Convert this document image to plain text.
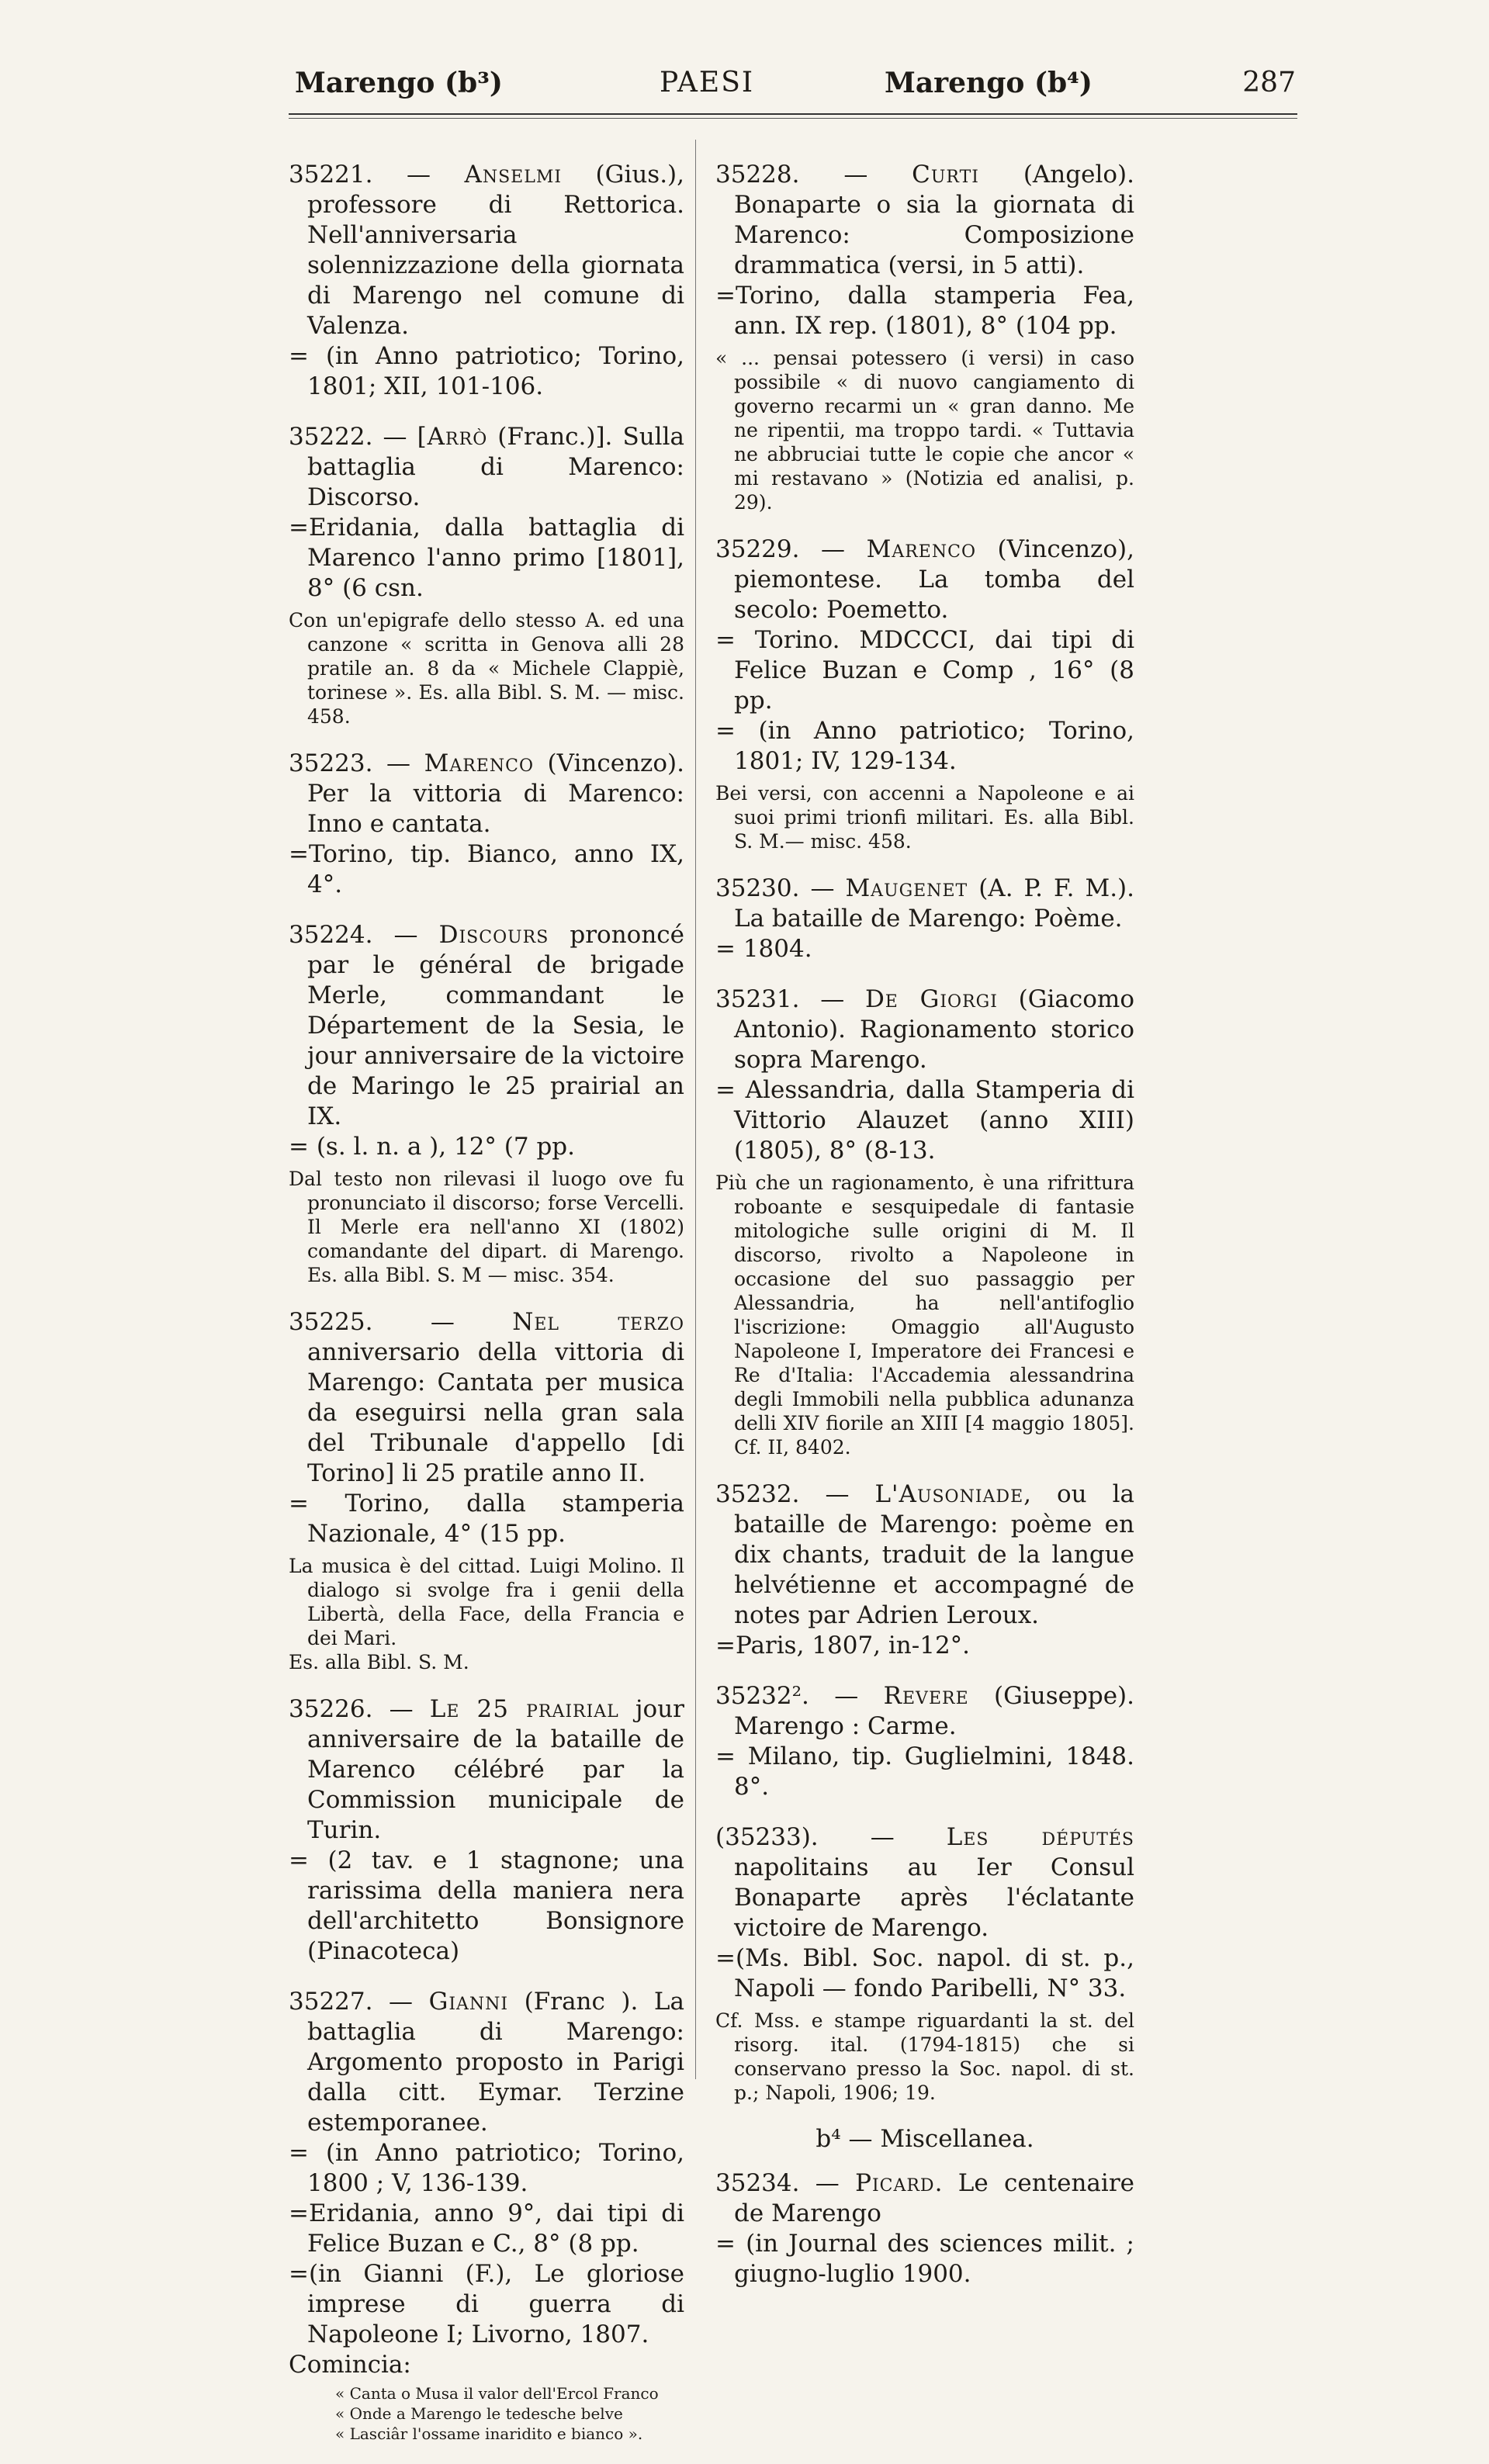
Marengo (b³)	PAESI	Marengo (b⁴)	287

35221. — Anselmi (Gius.), professore di Rettorica. Nell'anniversaria solennizzazione della giornata di Marengo nel comune di Valenza.

= (in Anno patriotico; Torino, 1801; XII, 101-106.

35222. — [Arrò (Franc.)]. Sulla battaglia di Marenco: Discorso.

=Eridania, dalla battaglia di Marenco l'anno primo [1801], 8° (6 csn.

Con un'epigrafe dello stesso A. ed una canzone « scritta in Genova alli 28 pratile an. 8 da « Michele Clappiè, torinese ». Es. alla Bibl. S. M. — misc. 458.

35223. — Marenco (Vincenzo). Per la vittoria di Marenco: Inno e cantata.

=Torino, tip. Bianco, anno IX, 4°.

35224. — Discours prononcé par le général de brigade Merle, commandant le Département de la Sesia, le jour anniversaire de la victoire de Maringo le 25 prairial an IX.

= (s. l. n. a ), 12° (7 pp.

Dal testo non rilevasi il luogo ove fu pronunciato il discorso; forse Vercelli. Il Merle era nell'anno XI (1802) comandante del dipart. di Marengo. Es. alla Bibl. S. M — misc. 354.

35225. — Nel terzo anniversario della vittoria di Marengo: Cantata per musica da eseguirsi nella gran sala del Tribunale d'appello [di Torino] li 25 pratile anno II.

= Torino, dalla stamperia Nazionale, 4° (15 pp.

La musica è del cittad. Luigi Molino. Il dialogo si svolge fra i genii della Libertà, della Face, della Francia e dei Mari.

Es. alla Bibl. S. M.

35226. — Le 25 prairial jour anniversaire de la bataille de Marenco célébré par la Commission municipale de Turin.

= (2 tav. e 1 stagnone; una rarissima della maniera nera dell'architetto Bonsignore (Pinacoteca)

35227. — Gianni (Franc ). La battaglia di Marengo: Argomento proposto in Parigi dalla citt. Eymar. Terzine estemporanee.

= (in Anno patriotico; Torino, 1800 ; V, 136-139.

=Eridania, anno 9°, dai tipi di Felice Buzan e C., 8° (8 pp.

=(in Gianni (F.), Le gloriose imprese di guerra di Napoleone I; Livorno, 1807.

Comincia:

« Canta o Musa il valor dell'Ercol Franco

« Onde a Marengo le tedesche belve

« Lasciâr l'ossame inaridito e bianco ».

35228. — Curti (Angelo). Bonaparte o sia la giornata di Marenco: Composizione drammatica (versi, in 5 atti).

=Torino, dalla stamperia Fea, ann. IX rep. (1801), 8° (104 pp.

« ... pensai potessero (i versi) in caso possibile « di nuovo cangiamento di governo recarmi un « gran danno. Me ne ripentii, ma troppo tardi. « Tuttavia ne abbruciai tutte le copie che ancor « mi restavano » (Notizia ed analisi, p. 29).

35229. — Marenco (Vincenzo), piemontese. La tomba del secolo: Poemetto.

= Torino. MDCCCI, dai tipi di Felice Buzan e Comp , 16° (8 pp.

= (in Anno patriotico; Torino, 1801; IV, 129-134.

Bei versi, con accenni a Napoleone e ai suoi primi trionfi militari. Es. alla Bibl. S. M.— misc. 458.

35230. — Maugenet (A. P. F. M.). La bataille de Marengo: Poème.

= 1804.

35231. — De Giorgi (Giacomo Antonio). Ragionamento storico sopra Marengo.

= Alessandria, dalla Stamperia di Vittorio Alauzet (anno XIII) (1805), 8° (8-13.

Più che un ragionamento, è una rifrittura roboante e sesquipedale di fantasie mitologiche sulle origini di M. Il discorso, rivolto a Napoleone in occasione del suo passaggio per Alessandria, ha nell'antifoglio l'iscrizione: Omaggio all'Augusto Napoleone I, Imperatore dei Francesi e Re d'Italia: l'Accademia alessandrina degli Immobili nella pubblica adunanza delli XIV fiorile an XIII [4 maggio 1805]. Cf. II, 8402.

35232. — L'Ausoniade, ou la bataille de Marengo: poème en dix chants, traduit de la langue helvétienne et accompagné de notes par Adrien Leroux.

=Paris, 1807, in-12°.

35232². — Revere (Giuseppe). Marengo : Carme.

= Milano, tip. Guglielmini, 1848. 8°.

(35233). — Les députés napolitains au Ier Consul Bonaparte après l'éclatante victoire de Marengo.

=(Ms. Bibl. Soc. napol. di st. p., Napoli — fondo Paribelli, N° 33.

Cf. Mss. e stampe riguardanti la st. del risorg. ital. (1794-1815) che si conservano presso la Soc. napol. di st. p.; Napoli, 1906; 19.

b⁴ — Miscellanea.

35234. — Picard. Le centenaire de Marengo

= (in Journal des sciences milit. ; giugno-luglio 1900.
